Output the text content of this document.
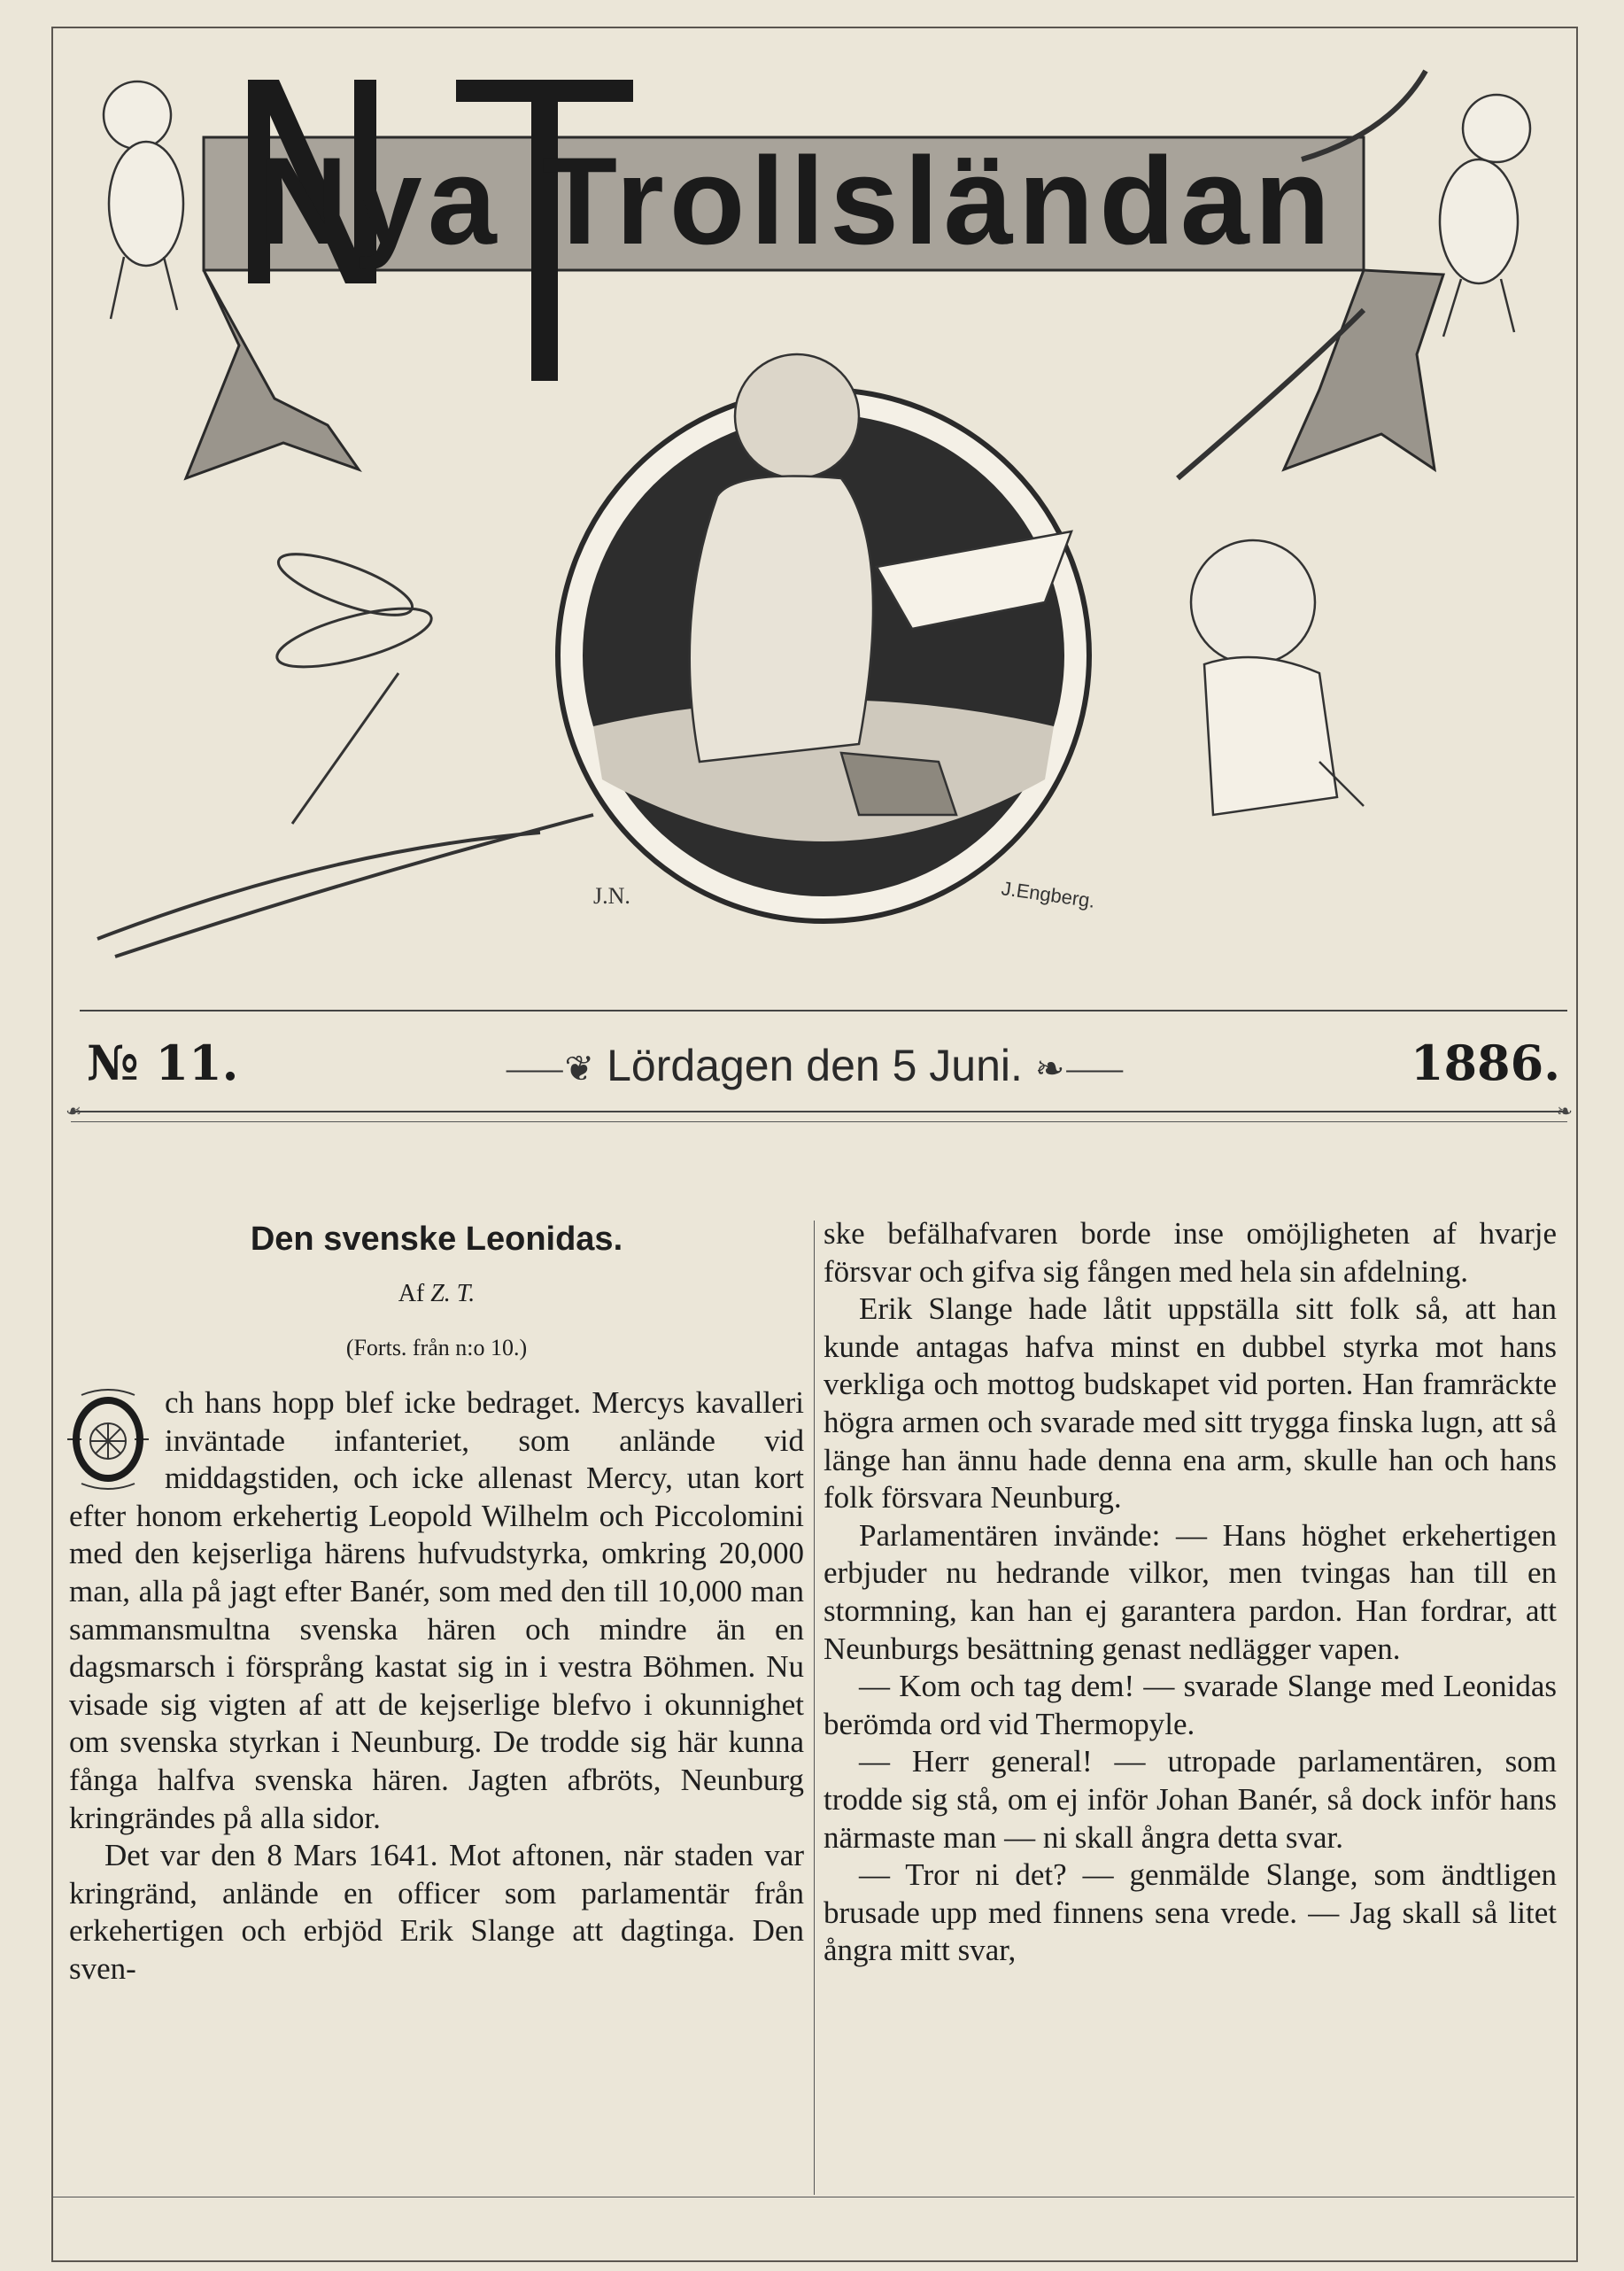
J.N.	J.Engberg.
Nya Trollsländan
№ 11.	⸺❦ Lördagen den 5 Juni. ❧⸺	1886.
❧ ❧
Den svenske Leonidas.
Af Z. T.
(Forts. från n:o 10.)

ch hans hopp blef icke bedraget. Mercys kavalleri inväntade infanteriet, som anlände vid middagstiden, och icke allenast Mercy, utan kort efter honom erkehertig Leopold Wilhelm och Piccolomini med den kejserliga härens hufvudstyrka, omkring 20,000 man, alla på jagt efter Banér, som med den till 10,000 man sammansmultna svenska hären och mindre än en dagsmarsch i försprång kastat sig in i vestra Böhmen. Nu visade sig vigten af att de kejserlige blefvo i okunnighet om svenska styrkan i Neunburg. De trodde sig här kunna fånga halfva svenska hären. Jagten afbröts, Neunburg kringrändes på alla sidor.

Det var den 8 Mars 1641. Mot aftonen, när staden var kringränd, anlände en officer som parlamentär från erkehertigen och erbjöd Erik Slange att dagtinga. Den sven-

ske befälhafvaren borde inse omöjligheten af hvarje försvar och gifva sig fången med hela sin afdelning.

Erik Slange hade låtit uppställa sitt folk så, att han kunde antagas hafva minst en dubbel styrka mot hans verkliga och mottog budskapet vid porten. Han framräckte högra armen och svarade med sitt trygga finska lugn, att så länge han ännu hade denna ena arm, skulle han och hans folk försvara Neunburg.

Parlamentären invände: — Hans höghet erkehertigen erbjuder nu hedrande vilkor, men tvingas han till en stormning, kan han ej garantera pardon. Han fordrar, att Neunburgs besättning genast nedlägger vapen.

— Kom och tag dem! — svarade Slange med Leonidas berömda ord vid Thermopyle.

— Herr general! — utropade parlamentären, som trodde sig stå, om ej inför Johan Banér, så dock inför hans närmaste man — ni skall ångra detta svar.

— Tror ni det? — genmälde Slange, som ändtligen brusade upp med finnens sena vrede. — Jag skall så litet ångra mitt svar,
